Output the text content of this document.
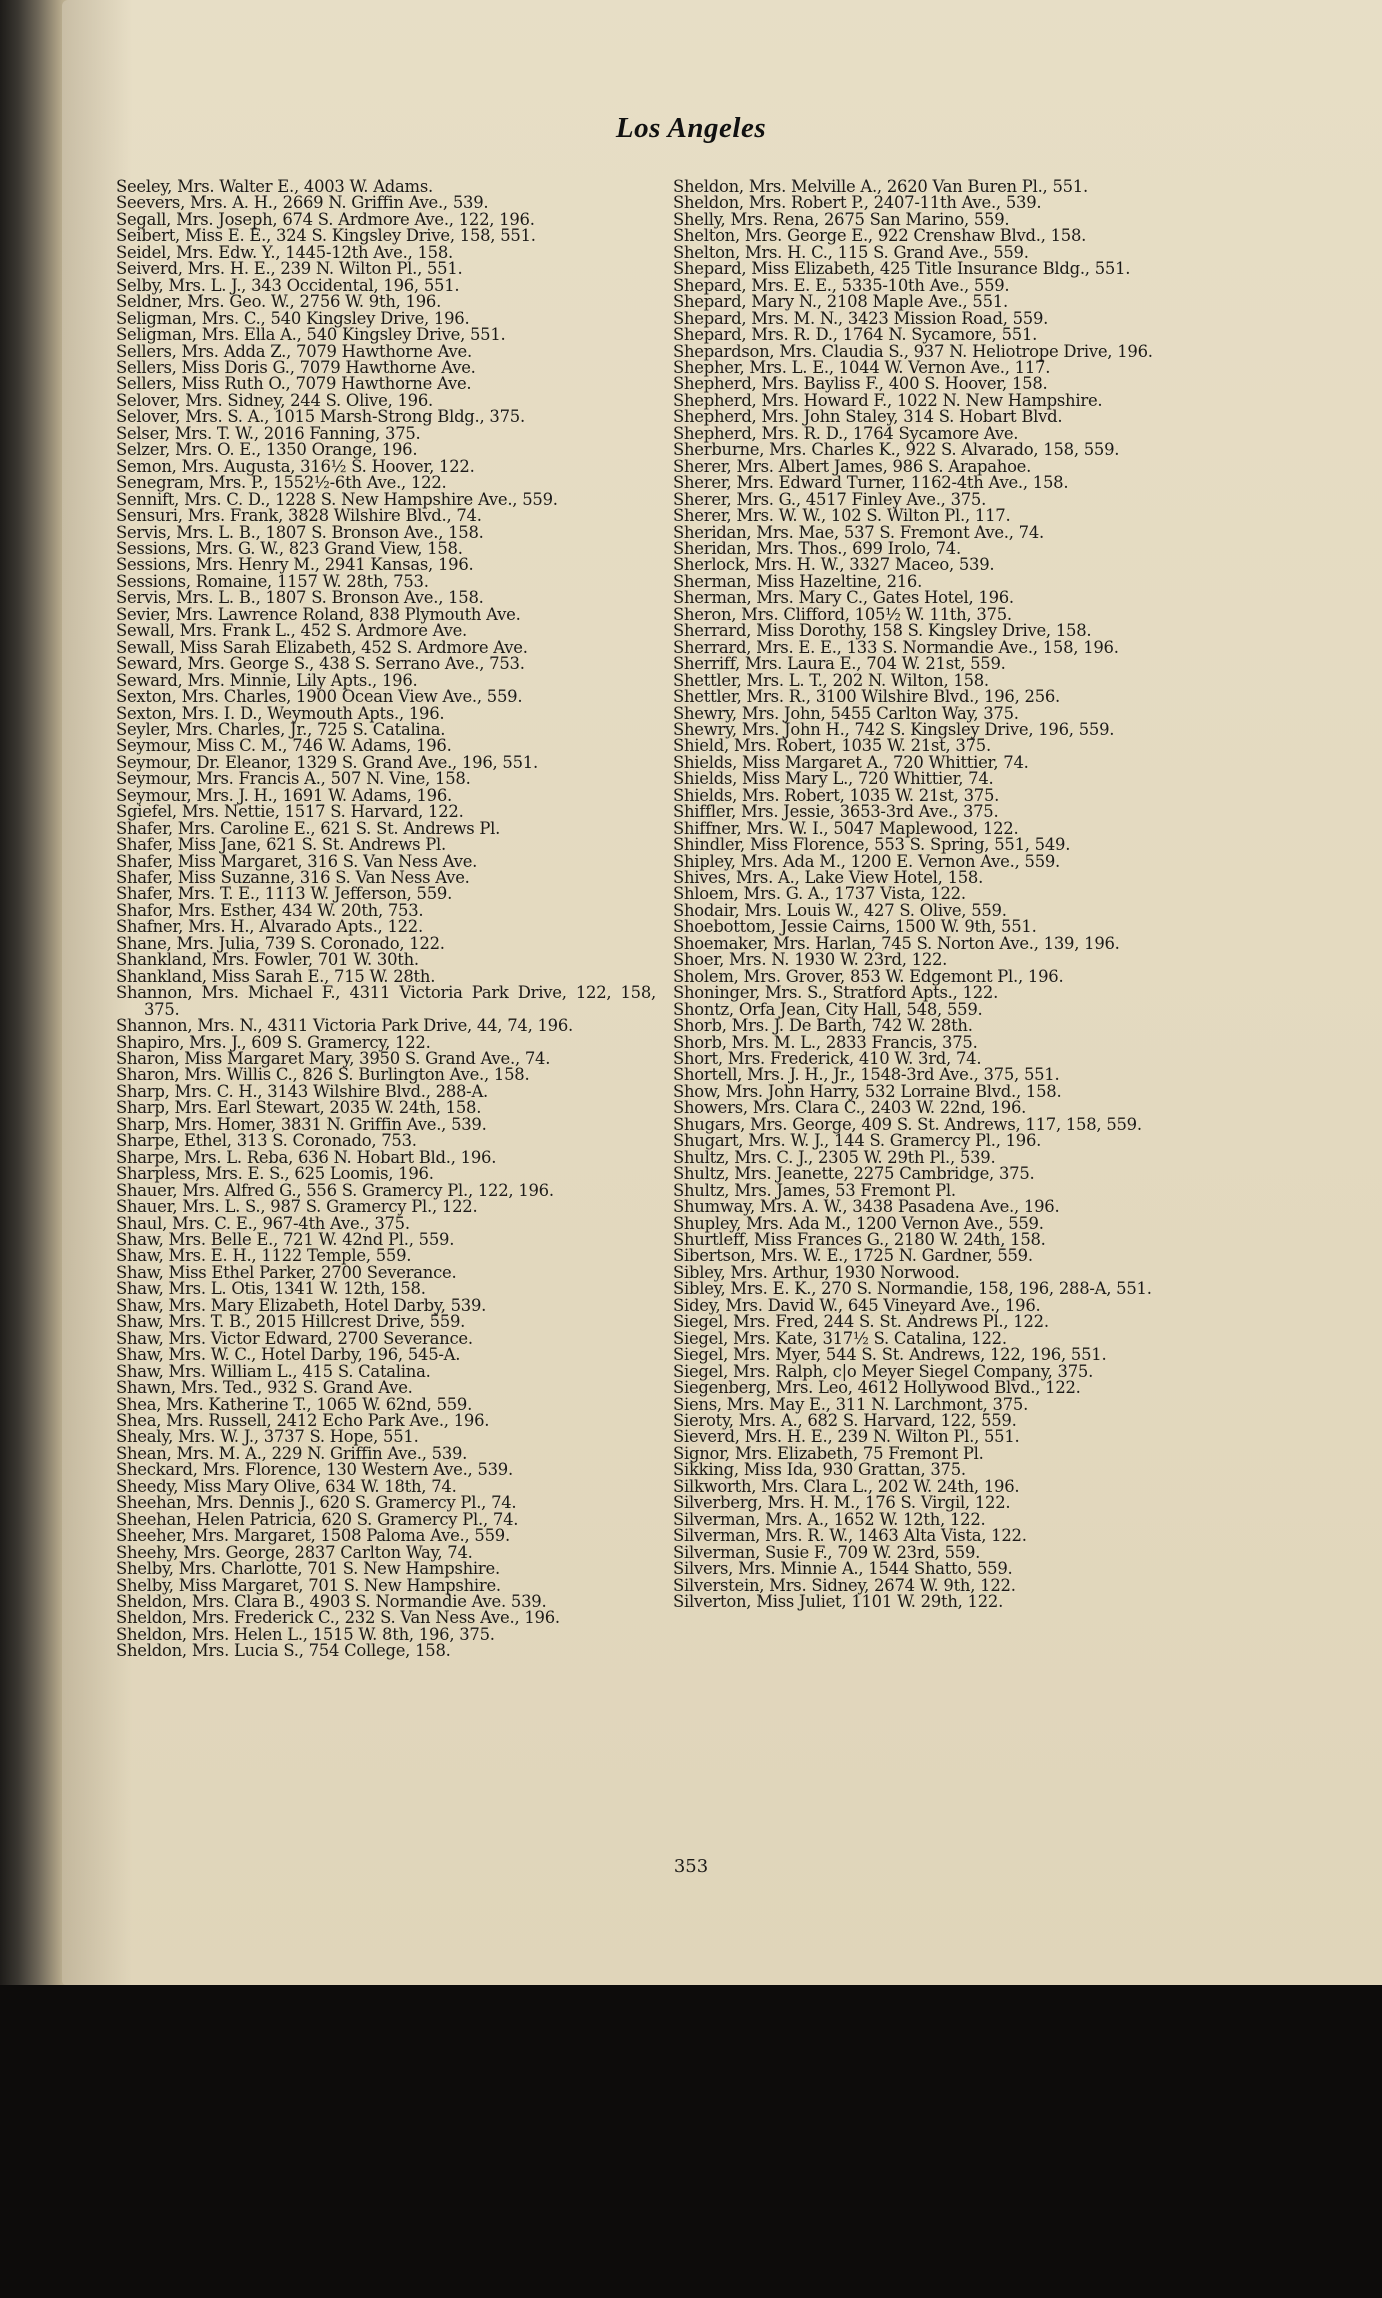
Los Angeles
Seeley, Mrs. Walter E., 4003 W. Adams.
Seevers, Mrs. A. H., 2669 N. Griffin Ave., 539.
Segall, Mrs. Joseph, 674 S. Ardmore Ave., 122, 196.
Seibert, Miss E. E., 324 S. Kingsley Drive, 158, 551.
Seidel, Mrs. Edw. Y., 1445-12th Ave., 158.
Seiverd, Mrs. H. E., 239 N. Wilton Pl., 551.
Selby, Mrs. L. J., 343 Occidental, 196, 551.
Seldner, Mrs. Geo. W., 2756 W. 9th, 196.
Seligman, Mrs. C., 540 Kingsley Drive, 196.
Seligman, Mrs. Ella A., 540 Kingsley Drive, 551.
Sellers, Mrs. Adda Z., 7079 Hawthorne Ave.
Sellers, Miss Doris G., 7079 Hawthorne Ave.
Sellers, Miss Ruth O., 7079 Hawthorne Ave.
Selover, Mrs. Sidney, 244 S. Olive, 196.
Selover, Mrs. S. A., 1015 Marsh-Strong Bldg., 375.
Selser, Mrs. T. W., 2016 Fanning, 375.
Selzer, Mrs. O. E., 1350 Orange, 196.
Semon, Mrs. Augusta, 316½ S. Hoover, 122.
Senegram, Mrs. P., 1552½-6th Ave., 122.
Sennift, Mrs. C. D., 1228 S. New Hampshire Ave., 559.
Sensuri, Mrs. Frank, 3828 Wilshire Blvd., 74.
Servis, Mrs. L. B., 1807 S. Bronson Ave., 158.
Sessions, Mrs. G. W., 823 Grand View, 158.
Sessions, Mrs. Henry M., 2941 Kansas, 196.
Sessions, Romaine, 1157 W. 28th, 753.
Servis, Mrs. L. B., 1807 S. Bronson Ave., 158.
Sevier, Mrs. Lawrence Roland, 838 Plymouth Ave.
Sewall, Mrs. Frank L., 452 S. Ardmore Ave.
Sewall, Miss Sarah Elizabeth, 452 S. Ardmore Ave.
Seward, Mrs. George S., 438 S. Serrano Ave., 753.
Seward, Mrs. Minnie, Lily Apts., 196.
Sexton, Mrs. Charles, 1900 Ocean View Ave., 559.
Sexton, Mrs. I. D., Weymouth Apts., 196.
Seyler, Mrs. Charles, Jr., 725 S. Catalina.
Seymour, Miss C. M., 746 W. Adams, 196.
Seymour, Dr. Eleanor, 1329 S. Grand Ave., 196, 551.
Seymour, Mrs. Francis A., 507 N. Vine, 158.
Seymour, Mrs. J. H., 1691 W. Adams, 196.
Sgiefel, Mrs. Nettie, 1517 S. Harvard, 122.
Shafer, Mrs. Caroline E., 621 S. St. Andrews Pl.
Shafer, Miss Jane, 621 S. St. Andrews Pl.
Shafer, Miss Margaret, 316 S. Van Ness Ave.
Shafer, Miss Suzanne, 316 S. Van Ness Ave.
Shafer, Mrs. T. E., 1113 W. Jefferson, 559.
Shafor, Mrs. Esther, 434 W. 20th, 753.
Shafner, Mrs. H., Alvarado Apts., 122.
Shane, Mrs. Julia, 739 S. Coronado, 122.
Shankland, Mrs. Fowler, 701 W. 30th.
Shankland, Miss Sarah E., 715 W. 28th.
Shannon, Mrs. Michael F., 4311 Victoria Park Drive, 122, 158, 375.
Shannon, Mrs. N., 4311 Victoria Park Drive, 44, 74, 196.
Shapiro, Mrs. J., 609 S. Gramercy, 122.
Sharon, Miss Margaret Mary, 3950 S. Grand Ave., 74.
Sharon, Mrs. Willis C., 826 S. Burlington Ave., 158.
Sharp, Mrs. C. H., 3143 Wilshire Blvd., 288-A.
Sharp, Mrs. Earl Stewart, 2035 W. 24th, 158.
Sharp, Mrs. Homer, 3831 N. Griffin Ave., 539.
Sharpe, Ethel, 313 S. Coronado, 753.
Sharpe, Mrs. L. Reba, 636 N. Hobart Bld., 196.
Sharpless, Mrs. E. S., 625 Loomis, 196.
Shauer, Mrs. Alfred G., 556 S. Gramercy Pl., 122, 196.
Shauer, Mrs. L. S., 987 S. Gramercy Pl., 122.
Shaul, Mrs. C. E., 967-4th Ave., 375.
Shaw, Mrs. Belle E., 721 W. 42nd Pl., 559.
Shaw, Mrs. E. H., 1122 Temple, 559.
Shaw, Miss Ethel Parker, 2700 Severance.
Shaw, Mrs. L. Otis, 1341 W. 12th, 158.
Shaw, Mrs. Mary Elizabeth, Hotel Darby, 539.
Shaw, Mrs. T. B., 2015 Hillcrest Drive, 559.
Shaw, Mrs. Victor Edward, 2700 Severance.
Shaw, Mrs. W. C., Hotel Darby, 196, 545-A.
Shaw, Mrs. William L., 415 S. Catalina.
Shawn, Mrs. Ted., 932 S. Grand Ave.
Shea, Mrs. Katherine T., 1065 W. 62nd, 559.
Shea, Mrs. Russell, 2412 Echo Park Ave., 196.
Shealy, Mrs. W. J., 3737 S. Hope, 551.
Shean, Mrs. M. A., 229 N. Griffin Ave., 539.
Sheckard, Mrs. Florence, 130 Western Ave., 539.
Sheedy, Miss Mary Olive, 634 W. 18th, 74.
Sheehan, Mrs. Dennis J., 620 S. Gramercy Pl., 74.
Sheehan, Helen Patricia, 620 S. Gramercy Pl., 74.
Sheeher, Mrs. Margaret, 1508 Paloma Ave., 559.
Sheehy, Mrs. George, 2837 Carlton Way, 74.
Shelby, Mrs. Charlotte, 701 S. New Hampshire.
Shelby, Miss Margaret, 701 S. New Hampshire.
Sheldon, Mrs. Clara B., 4903 S. Normandie Ave. 539.
Sheldon, Mrs. Frederick C., 232 S. Van Ness Ave., 196.
Sheldon, Mrs. Helen L., 1515 W. 8th, 196, 375.
Sheldon, Mrs. Lucia S., 754 College, 158.
Sheldon, Mrs. Melville A., 2620 Van Buren Pl., 551.
Sheldon, Mrs. Robert P., 2407-11th Ave., 539.
Shelly, Mrs. Rena, 2675 San Marino, 559.
Shelton, Mrs. George E., 922 Crenshaw Blvd., 158.
Shelton, Mrs. H. C., 115 S. Grand Ave., 559.
Shepard, Miss Elizabeth, 425 Title Insurance Bldg., 551.
Shepard, Mrs. E. E., 5335-10th Ave., 559.
Shepard, Mary N., 2108 Maple Ave., 551.
Shepard, Mrs. M. N., 3423 Mission Road, 559.
Shepard, Mrs. R. D., 1764 N. Sycamore, 551.
Shepardson, Mrs. Claudia S., 937 N. Heliotrope Drive, 196.
Shepher, Mrs. L. E., 1044 W. Vernon Ave., 117.
Shepherd, Mrs. Bayliss F., 400 S. Hoover, 158.
Shepherd, Mrs. Howard F., 1022 N. New Hampshire.
Shepherd, Mrs. John Staley, 314 S. Hobart Blvd.
Shepherd, Mrs. R. D., 1764 Sycamore Ave.
Sherburne, Mrs. Charles K., 922 S. Alvarado, 158, 559.
Sherer, Mrs. Albert James, 986 S. Arapahoe.
Sherer, Mrs. Edward Turner, 1162-4th Ave., 158.
Sherer, Mrs. G., 4517 Finley Ave., 375.
Sherer, Mrs. W. W., 102 S. Wilton Pl., 117.
Sheridan, Mrs. Mae, 537 S. Fremont Ave., 74.
Sheridan, Mrs. Thos., 699 Irolo, 74.
Sherlock, Mrs. H. W., 3327 Maceo, 539.
Sherman, Miss Hazeltine, 216.
Sherman, Mrs. Mary C., Gates Hotel, 196.
Sheron, Mrs. Clifford, 105½ W. 11th, 375.
Sherrard, Miss Dorothy, 158 S. Kingsley Drive, 158.
Sherrard, Mrs. E. E., 133 S. Normandie Ave., 158, 196.
Sherriff, Mrs. Laura E., 704 W. 21st, 559.
Shettler, Mrs. L. T., 202 N. Wilton, 158.
Shettler, Mrs. R., 3100 Wilshire Blvd., 196, 256.
Shewry, Mrs. John, 5455 Carlton Way, 375.
Shewry, Mrs. John H., 742 S. Kingsley Drive, 196, 559.
Shield, Mrs. Robert, 1035 W. 21st, 375.
Shields, Miss Margaret A., 720 Whittier, 74.
Shields, Miss Mary L., 720 Whittier, 74.
Shields, Mrs. Robert, 1035 W. 21st, 375.
Shiffler, Mrs. Jessie, 3653-3rd Ave., 375.
Shiffner, Mrs. W. I., 5047 Maplewood, 122.
Shindler, Miss Florence, 553 S. Spring, 551, 549.
Shipley, Mrs. Ada M., 1200 E. Vernon Ave., 559.
Shives, Mrs. A., Lake View Hotel, 158.
Shloem, Mrs. G. A., 1737 Vista, 122.
Shodair, Mrs. Louis W., 427 S. Olive, 559.
Shoebottom, Jessie Cairns, 1500 W. 9th, 551.
Shoemaker, Mrs. Harlan, 745 S. Norton Ave., 139, 196.
Shoer, Mrs. N. 1930 W. 23rd, 122.
Sholem, Mrs. Grover, 853 W. Edgemont Pl., 196.
Shoninger, Mrs. S., Stratford Apts., 122.
Shontz, Orfa Jean, City Hall, 548, 559.
Shorb, Mrs. J. De Barth, 742 W. 28th.
Shorb, Mrs. M. L., 2833 Francis, 375.
Short, Mrs. Frederick, 410 W. 3rd, 74.
Shortell, Mrs. J. H., Jr., 1548-3rd Ave., 375, 551.
Show, Mrs. John Harry, 532 Lorraine Blvd., 158.
Showers, Mrs. Clara C., 2403 W. 22nd, 196.
Shugars, Mrs. George, 409 S. St. Andrews, 117, 158, 559.
Shugart, Mrs. W. J., 144 S. Gramercy Pl., 196.
Shultz, Mrs. C. J., 2305 W. 29th Pl., 539.
Shultz, Mrs. Jeanette, 2275 Cambridge, 375.
Shultz, Mrs. James, 53 Fremont Pl.
Shumway, Mrs. A. W., 3438 Pasadena Ave., 196.
Shupley, Mrs. Ada M., 1200 Vernon Ave., 559.
Shurtleff, Miss Frances G., 2180 W. 24th, 158.
Sibertson, Mrs. W. E., 1725 N. Gardner, 559.
Sibley, Mrs. Arthur, 1930 Norwood.
Sibley, Mrs. E. K., 270 S. Normandie, 158, 196, 288-A, 551.
Sidey, Mrs. David W., 645 Vineyard Ave., 196.
Siegel, Mrs. Fred, 244 S. St. Andrews Pl., 122.
Siegel, Mrs. Kate, 317½ S. Catalina, 122.
Siegel, Mrs. Myer, 544 S. St. Andrews, 122, 196, 551.
Siegel, Mrs. Ralph, c|o Meyer Siegel Company, 375.
Siegenberg, Mrs. Leo, 4612 Hollywood Blvd., 122.
Siens, Mrs. May E., 311 N. Larchmont, 375.
Sieroty, Mrs. A., 682 S. Harvard, 122, 559.
Sieverd, Mrs. H. E., 239 N. Wilton Pl., 551.
Signor, Mrs. Elizabeth, 75 Fremont Pl.
Sikking, Miss Ida, 930 Grattan, 375.
Silkworth, Mrs. Clara L., 202 W. 24th, 196.
Silverberg, Mrs. H. M., 176 S. Virgil, 122.
Silverman, Mrs. A., 1652 W. 12th, 122.
Silverman, Mrs. R. W., 1463 Alta Vista, 122.
Silverman, Susie F., 709 W. 23rd, 559.
Silvers, Mrs. Minnie A., 1544 Shatto, 559.
Silverstein, Mrs. Sidney, 2674 W. 9th, 122.
Silverton, Miss Juliet, 1101 W. 29th, 122.
353
